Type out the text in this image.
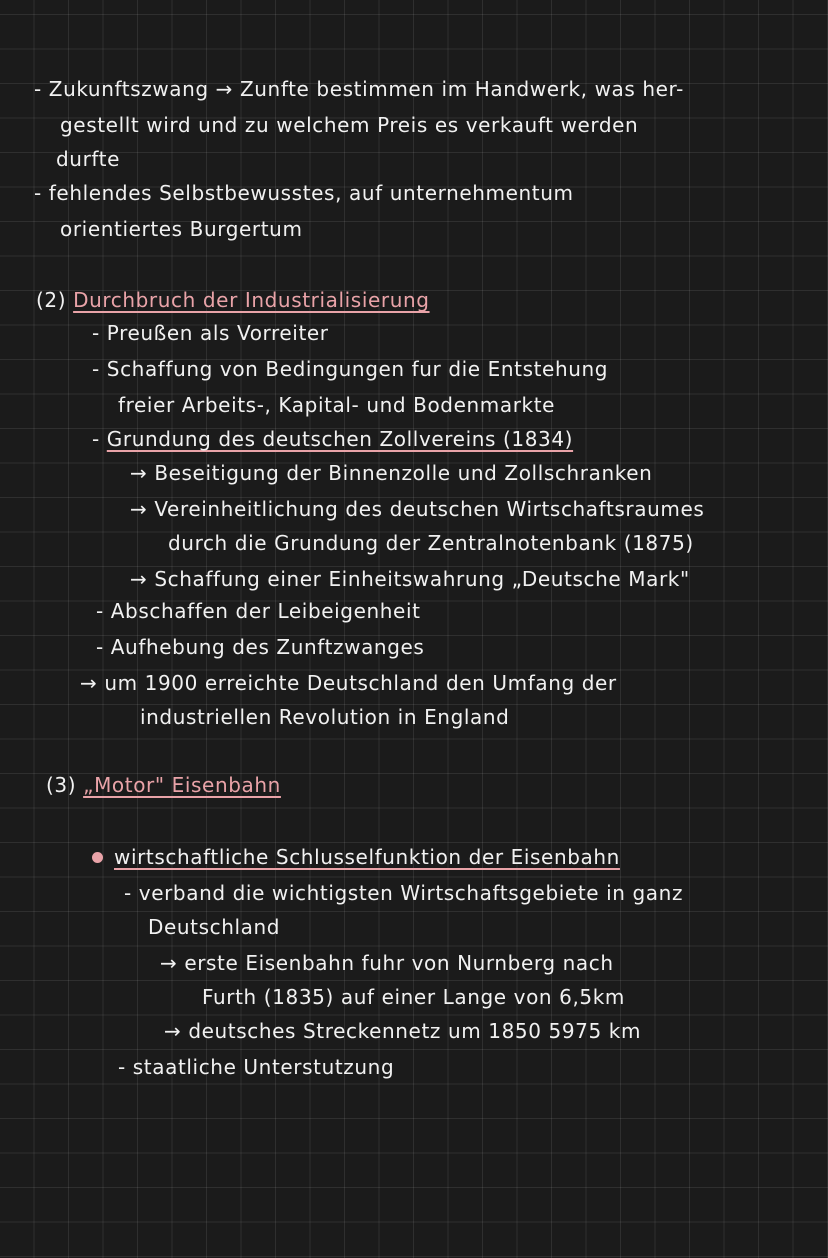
- Zukunftszwang → Zunfte bestimmen im Handwerk, was her-
gestellt wird und zu welchem Preis es verkauft werden
durfte
- fehlendes Selbstbewusstes, auf unternehmentum
orientiertes Burgertum
(2) Durchbruch der Industrialisierung
- Preußen als Vorreiter
- Schaffung von Bedingungen fur die Entstehung
freier Arbeits-, Kapital- und Bodenmarkte
- Grundung des deutschen Zollvereins (1834)
→ Beseitigung der Binnenzolle und Zollschranken
→ Vereinheitlichung des deutschen Wirtschaftsraumes
durch die Grundung der Zentralnotenbank (1875)
→ Schaffung einer Einheitswahrung „Deutsche Mark"
- Abschaffen der Leibeigenheit
- Aufhebung des Zunftzwanges
→ um 1900 erreichte Deutschland den Umfang der
industriellen Revolution in England
(3) „Motor" Eisenbahn
wirtschaftliche Schlusselfunktion der Eisenbahn
- verband die wichtigsten Wirtschaftsgebiete in ganz
Deutschland
→ erste Eisenbahn fuhr von Nurnberg nach
Furth (1835) auf einer Lange von 6,5km
→ deutsches Streckennetz um 1850 5975 km
- staatliche Unterstutzung
